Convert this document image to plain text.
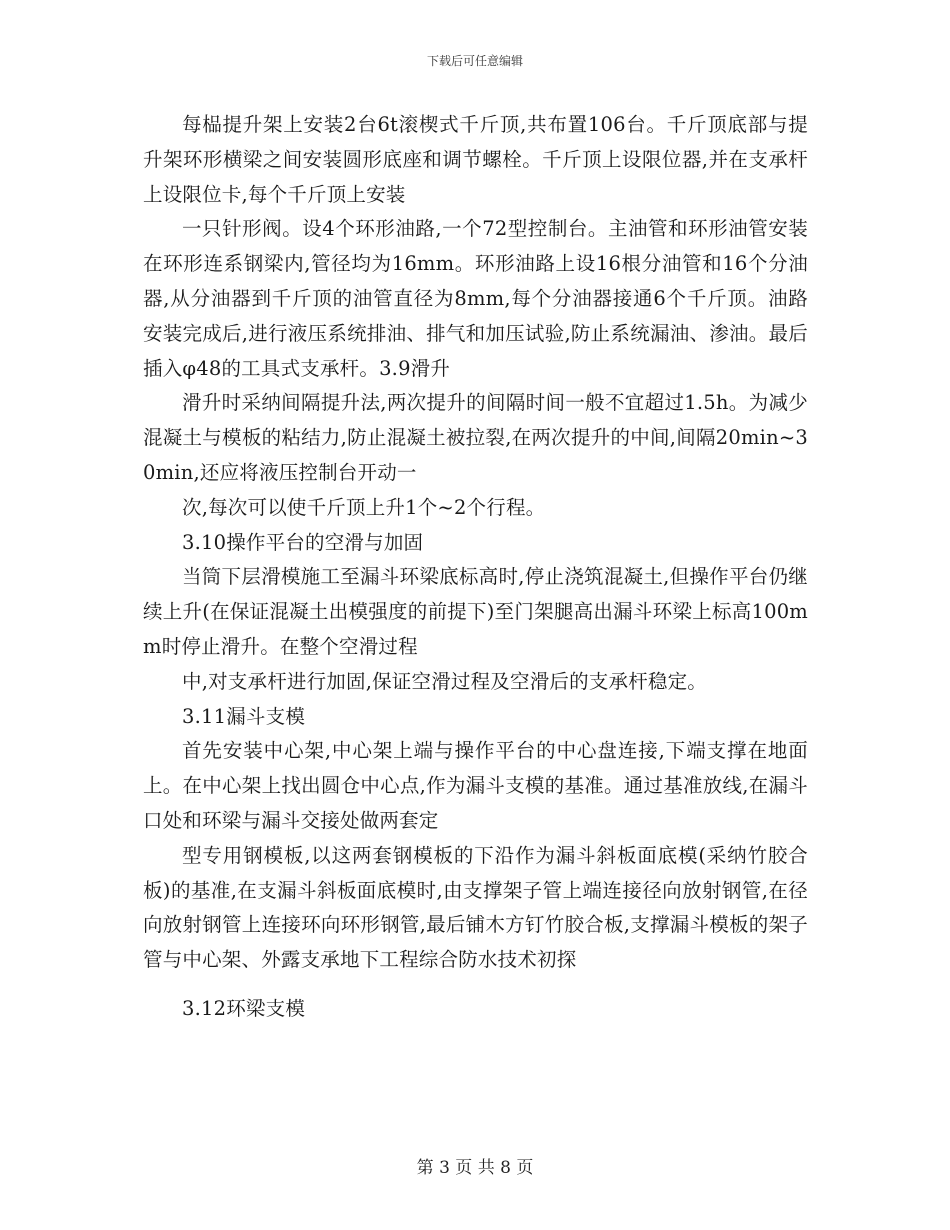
下载后可任意编辑

每榀提升架上安装2台6t滚楔式千斤顶,共布置106台。千斤顶底部与提升架环形横梁之间安装圆形底座和调节螺栓。千斤顶上设限位器,并在支承杆上设限位卡,每个千斤顶上安装

一只针形阀。设4个环形油路,一个72型控制台。主油管和环形油管安装在环形连系钢梁内,管径均为16mm。环形油路上设16根分油管和16个分油器,从分油器到千斤顶的油管直径为8mm,每个分油器接通6个千斤顶。油路安装完成后,进行液压系统排油、排气和加压试验,防止系统漏油、渗油。最后插入φ48的工具式支承杆。3.9滑升

滑升时采纳间隔提升法,两次提升的间隔时间一般不宜超过1.5h。为减少混凝土与模板的粘结力,防止混凝土被拉裂,在两次提升的中间,间隔20min~30min,还应将液压控制台开动一

次,每次可以使千斤顶上升1个~2个行程。

3.10操作平台的空滑与加固

当筒下层滑模施工至漏斗环梁底标高时,停止浇筑混凝土,但操作平台仍继续上升(在保证混凝土出模强度的前提下)至门架腿高出漏斗环梁上标高100mm时停止滑升。在整个空滑过程

中,对支承杆进行加固,保证空滑过程及空滑后的支承杆稳定。

3.11漏斗支模

首先安装中心架,中心架上端与操作平台的中心盘连接,下端支撑在地面上。在中心架上找出圆仓中心点,作为漏斗支模的基准。通过基准放线,在漏斗口处和环梁与漏斗交接处做两套定

型专用钢模板,以这两套钢模板的下沿作为漏斗斜板面底模(采纳竹胶合板)的基准,在支漏斗斜板面底模时,由支撑架子管上端连接径向放射钢管,在径向放射钢管上连接环向环形钢管,最后铺木方钉竹胶合板,支撑漏斗模板的架子管与中心架、外露支承地下工程综合防水技术初探

3.12环梁支模

第 3 页 共 8 页
